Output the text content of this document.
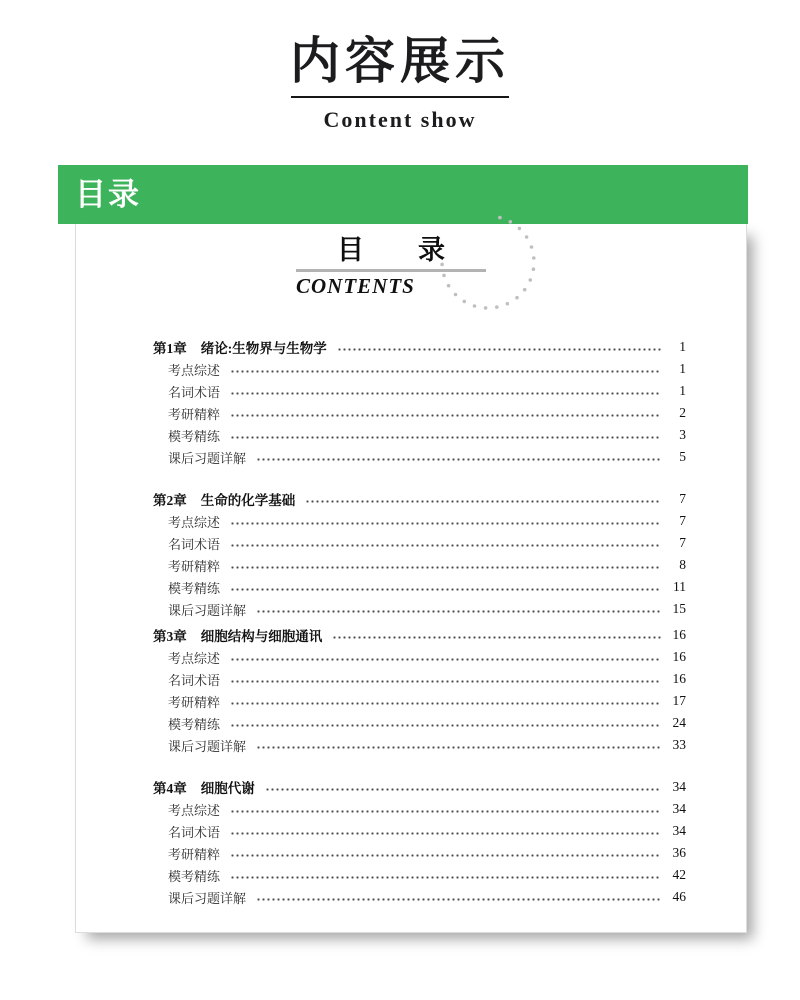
内容展示
Content show
目录
目　　录
CONTENTS
第1章 绪论:生物界与生物学	1
考点综述	1
名词术语	1
考研精粹	2
模考精练	3
课后习题详解	5
第2章 生命的化学基础	7
考点综述	7
名词术语	7
考研精粹	8
模考精练	11
课后习题详解	15
第3章 细胞结构与细胞通讯	16
考点综述	16
名词术语	16
考研精粹	17
模考精练	24
课后习题详解	33
第4章 细胞代谢	34
考点综述	34
名词术语	34
考研精粹	36
模考精练	42
课后习题详解	46
